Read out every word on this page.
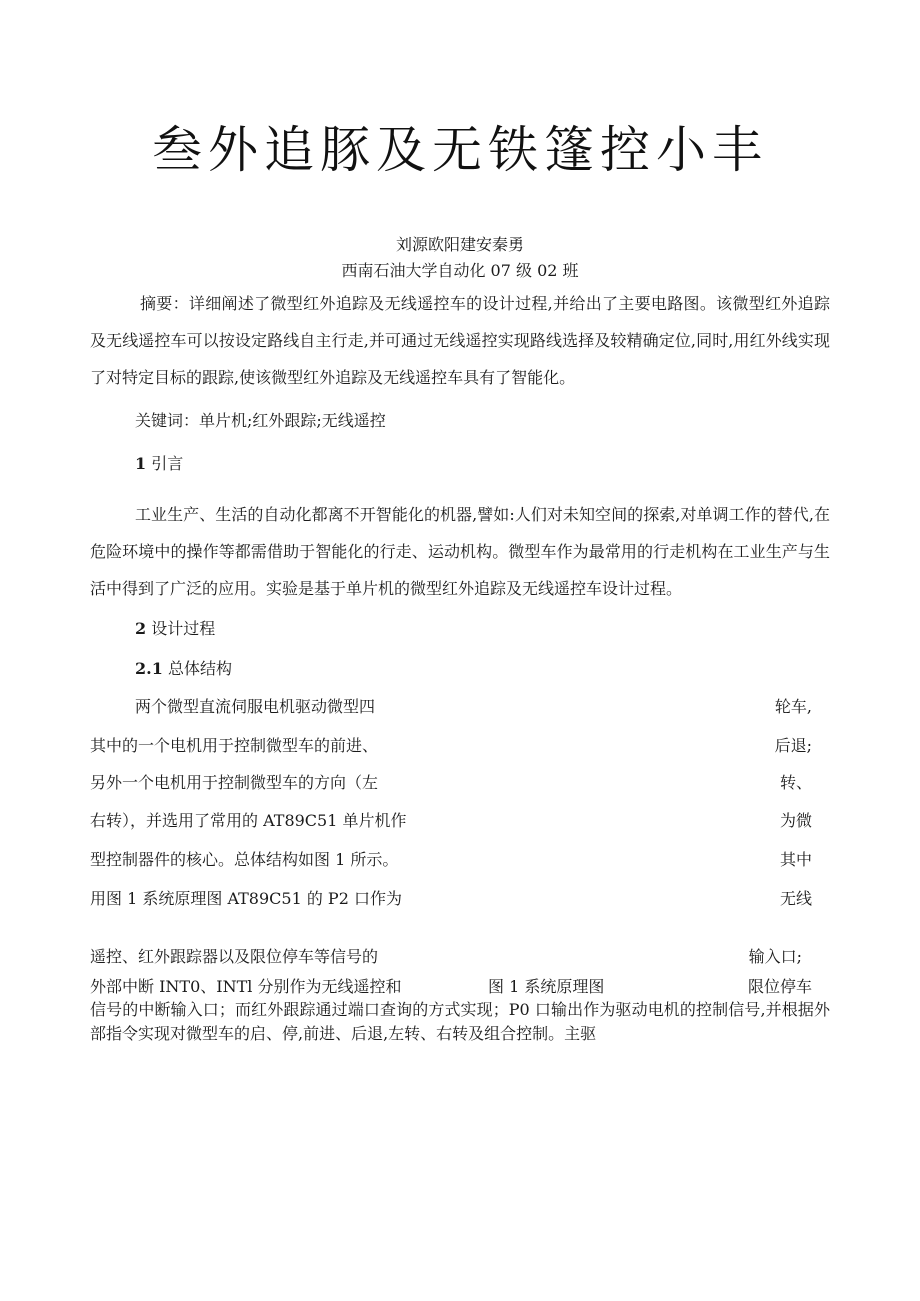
叁外追豚及无铁篷控小丰
刘源欧阳建安秦勇
西南石油大学自动化 07 级 02 班

摘要：详细阐述了微型红外追踪及无线遥控车的设计过程,并给出了主要电路图。该微型红外追踪及无线遥控车可以按设定路线自主行走,并可通过无线遥控实现路线选择及较精确定位,同时,用红外线实现了对特定目标的跟踪,使该微型红外追踪及无线遥控车具有了智能化。

关键词：单片机;红外跟踪;无线遥控
1 引言

工业生产、生活的自动化都离不开智能化的机器,譬如:人们对未知空间的探索,对单调工作的替代,在危险环境中的操作等都需借助于智能化的行走、运动机构。微型车作为最常用的行走机构在工业生产与生活中得到了广泛的应用。实验是基于单片机的微型红外追踪及无线遥控车设计过程。

2 设计过程
2.1 总体结构
两个微型直流伺服电机驱动微型四	轮车,
其中的一个电机用于控制微型车的前进、	后退;
另外一个电机用于控制微型车的方向（左	转、
右转），并选用了常用的 AT89C51 单片机作	为微
型控制器件的核心。总体结构如图 1 所示。	其中
用图 1 系统原理图 AT89C51 的 P2 口作为	无线
遥控、红外跟踪器以及限位停车等信号的	输入口;
外部中断 INT0、INTl 分别作为无线遥控和	图 1 系统原理图	限位停车

信号的中断输入口；而红外跟踪通过端口查询的方式实现；P0 口输出作为驱动电机的控制信号,并根据外部指令实现对微型车的启、停,前进、后退,左转、右转及组合控制。主驱
